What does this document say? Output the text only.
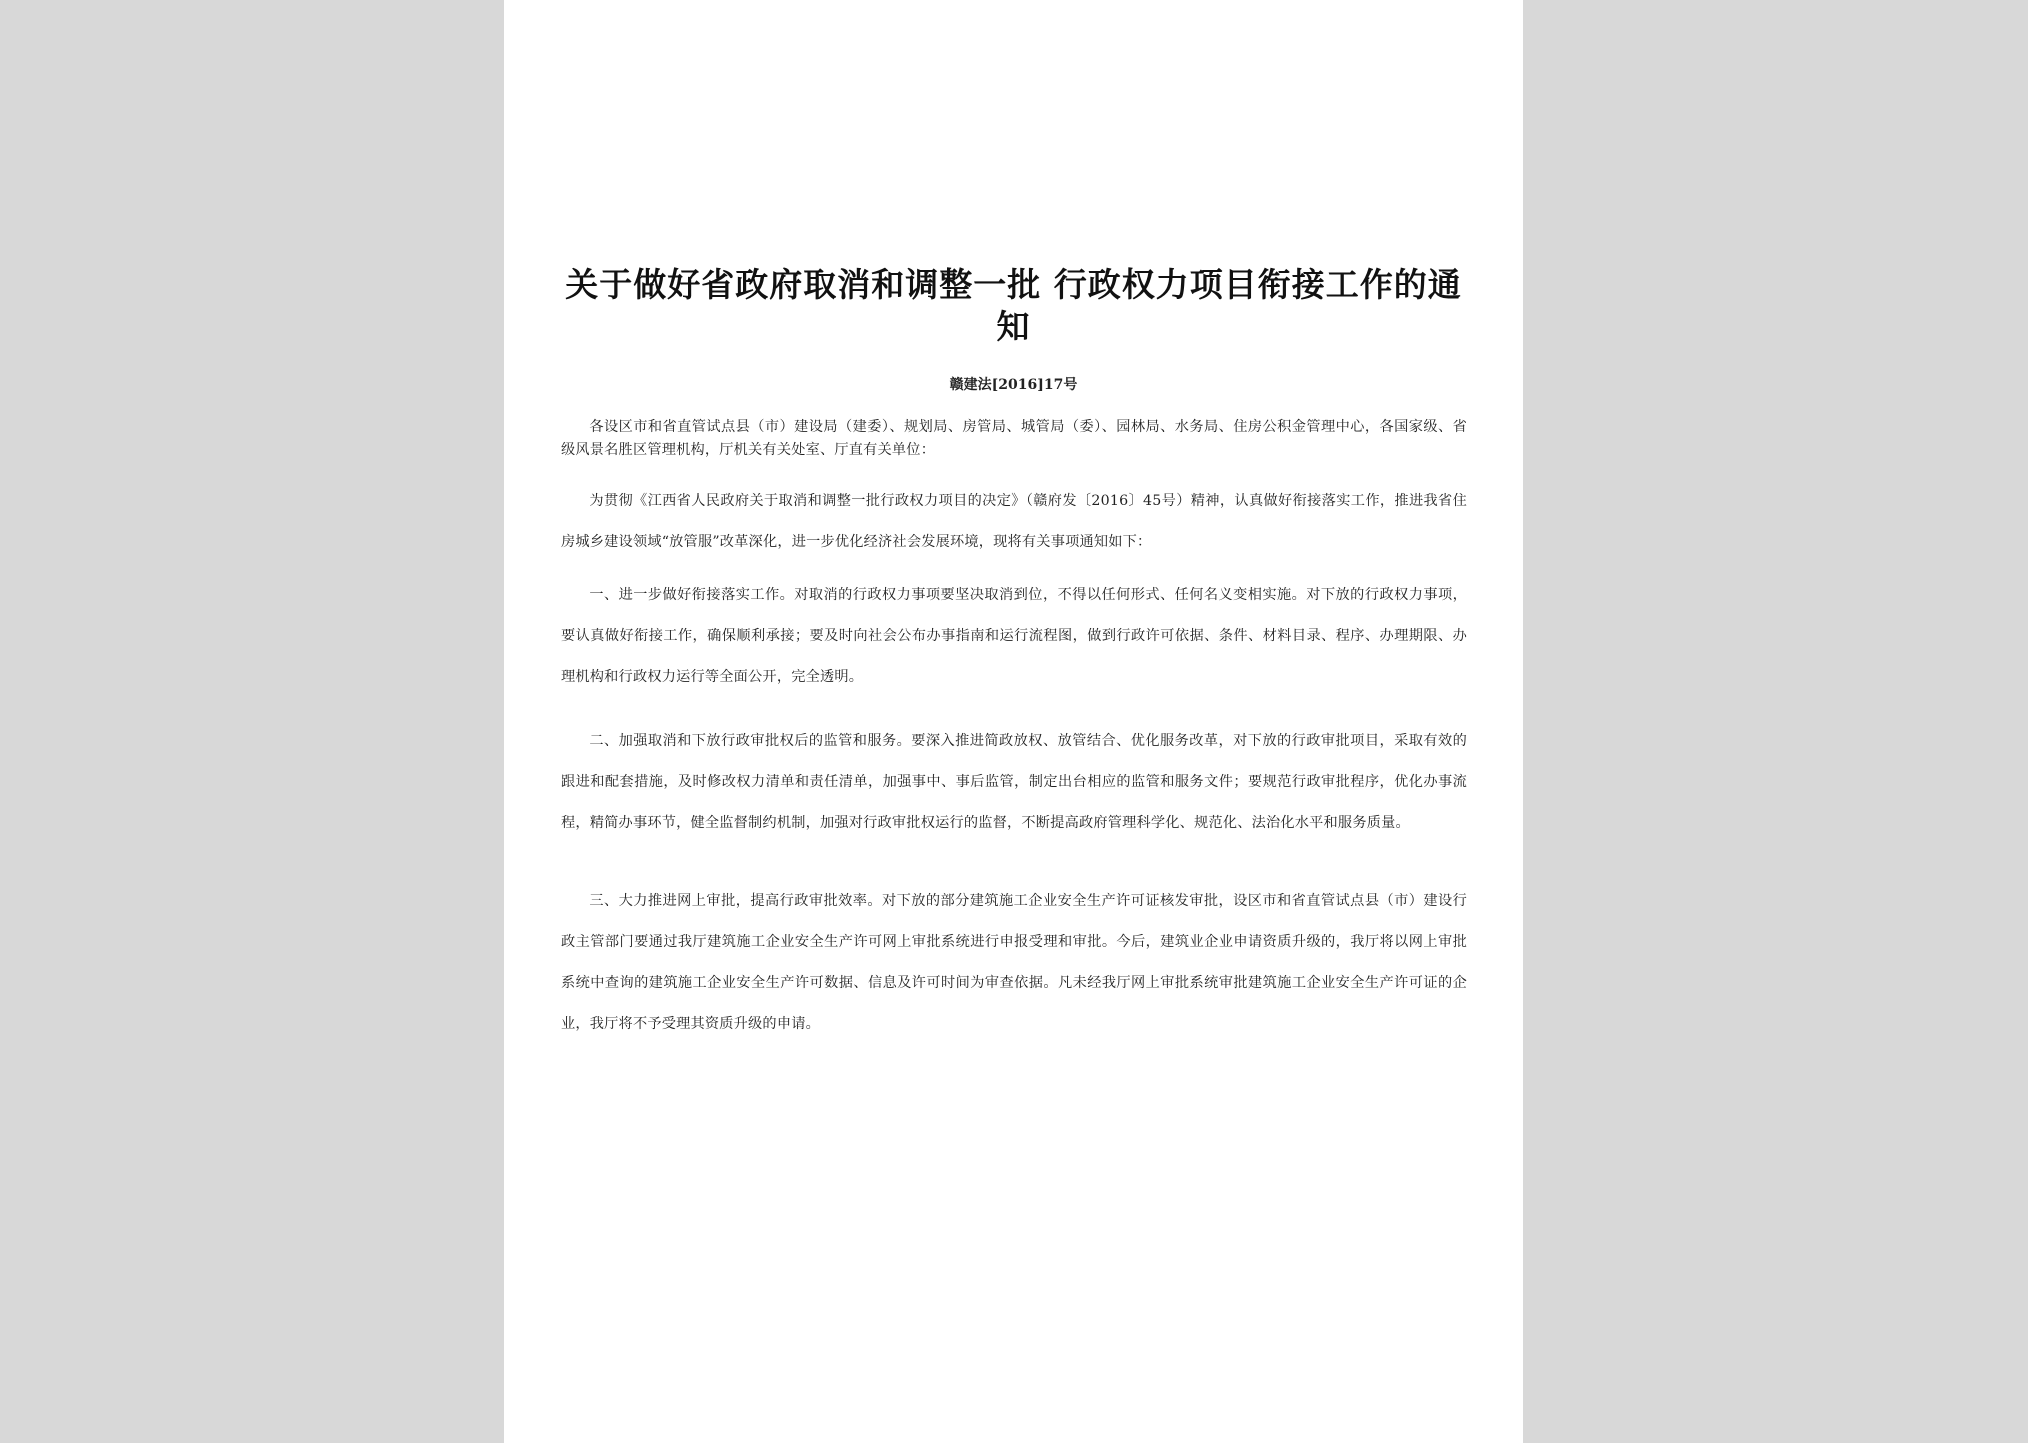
关于做好省政府取消和调整一批 行政权力项目衔接工作的通知

赣建法[2016]17号

各设区市和省直管试点县（市）建设局（建委）、规划局、房管局、城管局（委）、园林局、水务局、住房公积金管理中心，各国家级、省级风景名胜区管理机构，厅机关有关处室、厅直有关单位：

为贯彻《江西省人民政府关于取消和调整一批行政权力项目的决定》（赣府发〔2016〕45号）精神，认真做好衔接落实工作，推进我省住房城乡建设领域“放管服”改革深化，进一步优化经济社会发展环境，现将有关事项通知如下：

一、进一步做好衔接落实工作。对取消的行政权力事项要坚决取消到位，不得以任何形式、任何名义变相实施。对下放的行政权力事项，要认真做好衔接工作，确保顺利承接；要及时向社会公布办事指南和运行流程图，做到行政许可依据、条件、材料目录、程序、办理期限、办理机构和行政权力运行等全面公开，完全透明。

二、加强取消和下放行政审批权后的监管和服务。要深入推进简政放权、放管结合、优化服务改革，对下放的行政审批项目，采取有效的跟进和配套措施，及时修改权力清单和责任清单，加强事中、事后监管，制定出台相应的监管和服务文件；要规范行政审批程序，优化办事流程，精简办事环节，健全监督制约机制，加强对行政审批权运行的监督，不断提高政府管理科学化、规范化、法治化水平和服务质量。

三、大力推进网上审批，提高行政审批效率。对下放的部分建筑施工企业安全生产许可证核发审批，设区市和省直管试点县（市）建设行政主管部门要通过我厅建筑施工企业安全生产许可网上审批系统进行申报受理和审批。今后，建筑业企业申请资质升级的，我厅将以网上审批系统中查询的建筑施工企业安全生产许可数据、信息及许可时间为审查依据。凡未经我厅网上审批系统审批建筑施工企业安全生产许可证的企业，我厅将不予受理其资质升级的申请。
